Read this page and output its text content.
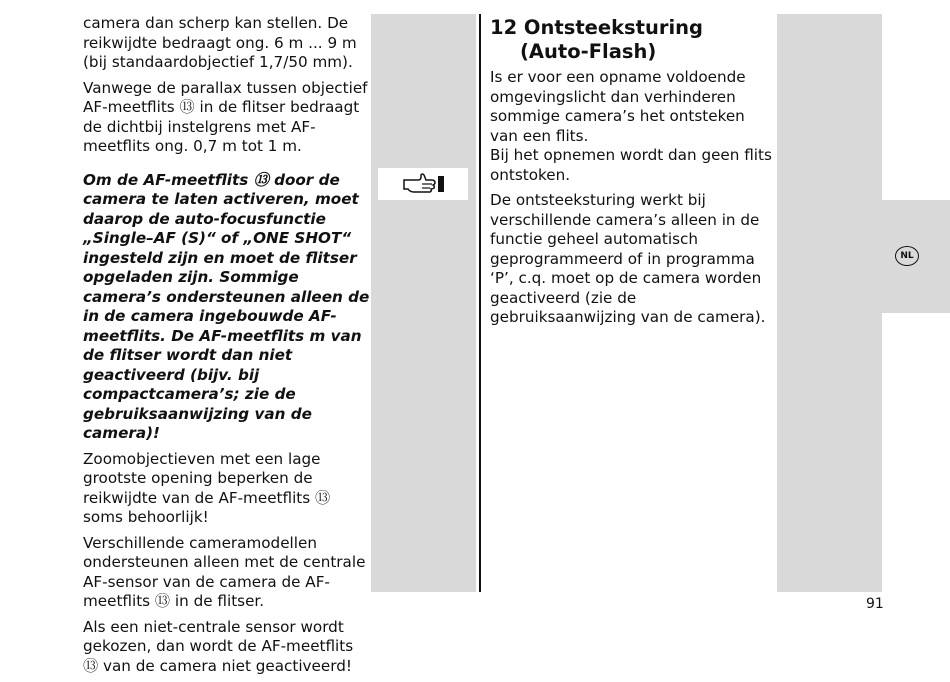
camera dan scherp kan stellen. De reikwijdte bedraagt ong. 6 m ... 9 m (bij standaardobjectief 1,7/50 mm).

Vanwege de parallax tussen objectief AF-meetflits ⑬ in de flitser bedraagt de dichtbij instelgrens met AF-meetflits ong. 0,7 m tot 1 m.

Om de AF-meetflits ⑬ door de camera te laten activeren, moet daarop de auto-focusfunctie „Single–AF (S)“ of „ONE SHOT“ ingesteld zijn en moet de flitser opgeladen zijn. Sommige camera’s ondersteunen alleen de in de camera ingebouwde AF-meetflits. De AF-meetflits m van de flitser wordt dan niet geactiveerd (bijv. bij compactcamera’s; zie de gebruiksaanwijzing van de camera)!

Zoomobjectieven met een lage grootste opening beperken de reikwijdte van de AF-meetflits ⑬ soms behoorlijk!

Verschillende cameramodellen ondersteunen alleen met de centrale AF-sensor van de camera de AF-meetflits ⑬ in de flitser.

Als een niet-centrale sensor wordt gekozen, dan wordt de AF-meetflits ⑬ van de camera niet geactiveerd!

12 Ontsteeksturing
(Auto-Flash)

Is er voor een opname voldoende omgevingslicht dan verhinderen sommige camera’s het ontsteken van een flits.

Bij het opnemen wordt dan geen flits ontstoken.

De ontsteeksturing werkt bij verschillende camera’s alleen in de functie geheel automatisch geprogrammeerd of in programma ‘P’, c.q. moet op de camera worden geactiveerd (zie de gebruiksaanwijzing van de camera).

NL
91
